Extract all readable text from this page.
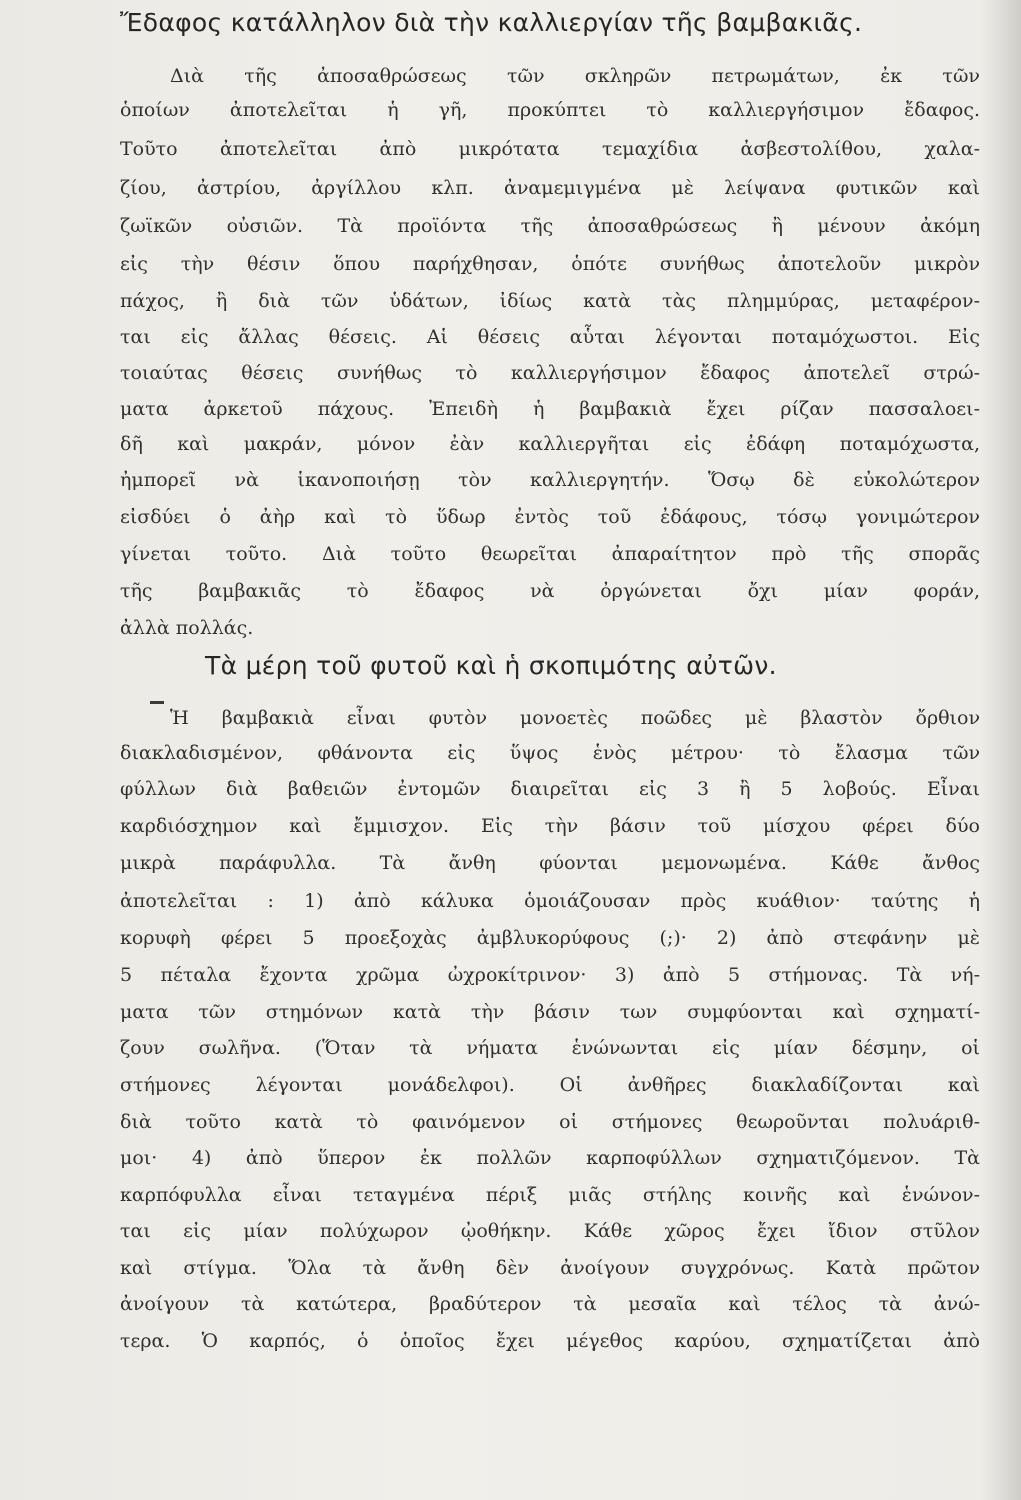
Ἔδαφος κατάλληλον διὰ τὴν καλλιεργίαν τῆς βαμβακιᾶς.
Διὰ τῆς ἀποσαθρώσεως τῶν σκληρῶν πετρωμάτων, ἐκ τῶν
ὁποίων ἀποτελεῖται ἡ γῆ, προκύπτει τὸ καλλιεργήσιμον ἔδαφος.
Τοῦτο ἀποτελεῖται ἀπὸ μικρότατα τεμαχίδια ἀσβεστολίθου, χαλα-
ζίου, ἀστρίου, ἀργίλλου κλπ. ἀναμεμιγμένα μὲ λείψανα φυτικῶν καὶ
ζωϊκῶν οὐσιῶν. Τὰ προϊόντα τῆς ἀποσαθρώσεως ἢ μένουν ἀκόμη
εἰς τὴν θέσιν ὅπου παρήχθησαν, ὁπότε συνήθως ἀποτελοῦν μικρὸν
πάχος, ἢ διὰ τῶν ὑδάτων, ἰδίως κατὰ τὰς πλημμύρας, μεταφέρον-
ται εἰς ἄλλας θέσεις. Αἱ θέσεις αὗται λέγονται ποταμόχωστοι. Εἰς
τοιαύτας θέσεις συνήθως τὸ καλλιεργήσιμον ἔδαφος ἀποτελεῖ στρώ-
ματα ἀρκετοῦ πάχους. Ἐπειδὴ ἡ βαμβακιὰ ἔχει ρίζαν πασσαλοει-
δῆ καὶ μακράν, μόνον ἐὰν καλλιεργῆται εἰς ἐδάφη ποταμόχωστα,
ἠμπορεῖ νὰ ἱκανοποιήσῃ τὸν καλλιεργητήν. Ὅσῳ δὲ εὐκολώτερον
εἰσδύει ὁ ἀὴρ καὶ τὸ ὕδωρ ἐντὸς τοῦ ἐδάφους, τόσῳ γονιμώτερον
γίνεται τοῦτο. Διὰ τοῦτο θεωρεῖται ἀπαραίτητον πρὸ τῆς σπορᾶς
τῆς βαμβακιᾶς τὸ ἔδαφος νὰ ὀργώνεται ὄχι μίαν φοράν,
ἀλλὰ πολλάς.
Τὰ μέρη τοῦ φυτοῦ καὶ ἡ σκοπιμότης αὐτῶν.
Ἡ βαμβακιὰ εἶναι φυτὸν μονοετὲς ποῶδες μὲ βλαστὸν ὄρθιον
διακλαδισμένον, φθάνοντα εἰς ὕψος ἑνὸς μέτρου· τὸ ἔλασμα τῶν
φύλλων διὰ βαθειῶν ἐντομῶν διαιρεῖται εἰς 3 ἢ 5 λοβούς. Εἶναι
καρδιόσχημον καὶ ἔμμισχον. Εἰς τὴν βάσιν τοῦ μίσχου φέρει δύο
μικρὰ παράφυλλα. Τὰ ἄνθη φύονται μεμονωμένα. Κάθε ἄνθος
ἀποτελεῖται : 1) ἀπὸ κάλυκα ὁμοιάζουσαν πρὸς κυάθιον· ταύτης ἡ
κορυφὴ φέρει 5 προεξοχὰς ἀμβλυκορύφους (;)· 2) ἀπὸ στεφάνην μὲ
5 πέταλα ἔχοντα χρῶμα ὠχροκίτρινον· 3) ἀπὸ 5 στήμονας. Τὰ νή-
ματα τῶν στημόνων κατὰ τὴν βάσιν των συμφύονται καὶ σχηματί-
ζουν σωλῆνα. (Ὅταν τὰ νήματα ἑνώνωνται εἰς μίαν δέσμην, οἱ
στήμονες λέγονται μονάδελφοι). Οἱ ἀνθῆρες διακλαδίζονται καὶ
διὰ τοῦτο κατὰ τὸ φαινόμενον οἱ στήμονες θεωροῦνται πολυάριθ-
μοι· 4) ἀπὸ ὕπερον ἐκ πολλῶν καρποφύλλων σχηματιζόμενον. Τὰ
καρπόφυλλα εἶναι τεταγμένα πέριξ μιᾶς στήλης κοινῆς καὶ ἑνώνον-
ται εἰς μίαν πολύχωρον ᾠοθήκην. Κάθε χῶρος ἔχει ἴδιον στῦλον
καὶ στίγμα. Ὅλα τὰ ἄνθη δὲν ἀνοίγουν συγχρόνως. Κατὰ πρῶτον
ἀνοίγουν τὰ κατώτερα, βραδύτερον τὰ μεσαῖα καὶ τέλος τὰ ἀνώ-
τερα. Ὁ καρπός, ὁ ὁποῖος ἔχει μέγεθος καρύου, σχηματίζεται ἀπὸ
